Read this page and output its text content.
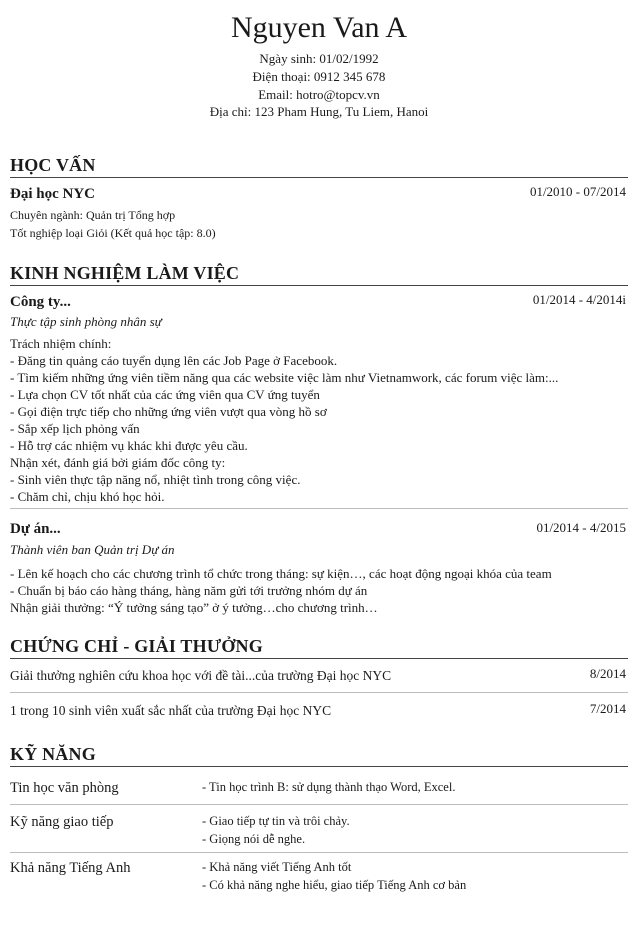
Nguyen Van A
Ngày sinh: 01/02/1992
Điện thoại: 0912 345 678
Email: hotro@topcv.vn
Địa chỉ: 123 Pham Hung, Tu Liem, Hanoi
HỌC VẤN
Đại học NYC	01/2010 - 07/2014
Chuyên ngành: Quản trị Tổng hợp
Tốt nghiệp loại Giỏi (Kết quả học tập: 8.0)
KINH NGHIỆM LÀM VIỆC
Công ty...	01/2014 - 4/2014i
Thực tập sinh phòng nhân sự
Trách nhiệm chính:
- Đăng tin quảng cáo tuyển dụng lên các Job Page ở Facebook.
- Tìm kiếm những ứng viên tiềm năng qua các website việc làm như Vietnamwork, các forum việc làm:...
- Lựa chọn CV tốt nhất của các ứng viên qua CV ứng tuyển
- Gọi điện trực tiếp cho những ứng viên vượt qua vòng hồ sơ
- Sắp xếp lịch phỏng vấn
- Hỗ trợ các nhiệm vụ khác khi được yêu cầu.
Nhận xét, đánh giá bởi giám đốc công ty:
- Sinh viên thực tập năng nổ, nhiệt tình trong công việc.
- Chăm chỉ, chịu khó học hỏi.
Dự án...	01/2014 - 4/2015
Thành viên ban Quản trị Dự án
- Lên kế hoạch cho các chương trình tổ chức trong tháng: sự kiện…, các hoạt động ngoại khóa của team
- Chuẩn bị báo cáo hàng tháng, hàng năm gửi tới trưởng nhóm dự án
Nhận giải thưởng: “Ý tưởng sáng tạo” ở ý tưởng…cho chương trình…
CHỨNG CHỈ - GIẢI THƯỞNG
Giải thưởng nghiên cứu khoa học với đề tài...của trường Đại học NYC	8/2014
1 trong 10 sinh viên xuất sắc nhất của trường Đại học NYC	7/2014
KỸ NĂNG
Tin học văn phòng	- Tin học trình B: sử dụng thành thạo Word, Excel.
Kỹ năng giao tiếp	- Giao tiếp tự tin và trôi chảy.
- Giọng nói dễ nghe.
Khả năng Tiếng Anh	- Khả năng viết Tiếng Anh tốt
- Có khả năng nghe hiểu, giao tiếp Tiếng Anh cơ bản
